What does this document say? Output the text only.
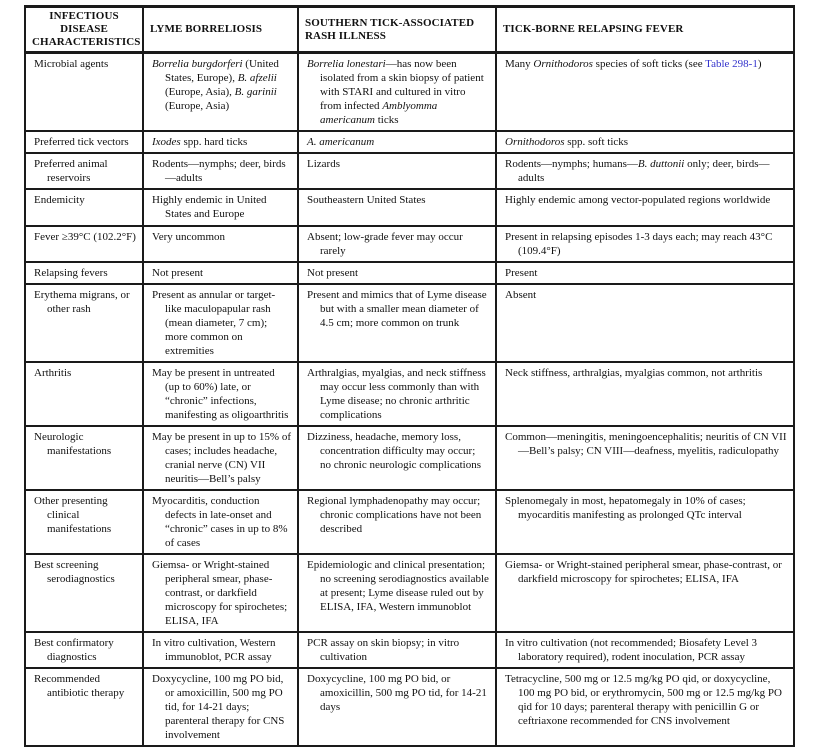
INFECTIOUS DISEASE CHARACTERISTICS	LYME BORRELIOSIS	SOUTHERN TICK-ASSOCIATED RASH ILLNESS	TICK-BORNE RELAPSING FEVER

Microbial agents	Borrelia burgdorferi (United States, Europe), B. afzelii (Europe, Asia), B. garinii (Europe, Asia)	Borrelia lonestari—has now been isolated from a skin biopsy of patient with STARI and cultured in vitro from infected Amblyomma americanum ticks	Many Ornithodoros species of soft ticks (see Table 298-1)

Preferred tick vectors	Ixodes spp. hard ticks	A. americanum	Ornithodoros spp. soft ticks

Preferred animal reservoirs	Rodents—nymphs; deer, birds—adults	Lizards	Rodents—nymphs; humans—B. duttonii only; deer, birds—adults

Endemicity	Highly endemic in United States and Europe	Southeastern United States	Highly endemic among vector-populated regions worldwide

Fever ≥39°C (102.2°F)	Very uncommon	Absent; low-grade fever may occur rarely	Present in relapsing episodes 1-3 days each; may reach 43°C (109.4°F)

Relapsing fevers	Not present	Not present	Present

Erythema migrans, or other rash	Present as annular or target-like maculopapular rash (mean diameter, 7 cm); more common on extremities	Present and mimics that of Lyme disease but with a smaller mean diameter of 4.5 cm; more common on trunk	Absent

Arthritis	May be present in untreated (up to 60%) late, or “chronic” infections, manifesting as oligoarthritis	Arthralgias, myalgias, and neck stiffness may occur less commonly than with Lyme disease; no chronic arthritic complications	Neck stiffness, arthralgias, myalgias common, not arthritis

Neurologic manifestations	May be present in up to 15% of cases; includes headache, cranial nerve (CN) VII neuritis—Bell’s palsy	Dizziness, headache, memory loss, concentration difficulty may occur; no chronic neurologic complications	Common—meningitis, meningoencephalitis; neuritis of CN VII—Bell’s palsy; CN VIII—deafness, myelitis, radiculopathy

Other presenting clinical manifestations	Myocarditis, conduction defects in late-onset and “chronic” cases in up to 8% of cases	Regional lymphadenopathy may occur; chronic complications have not been described	Splenomegaly in most, hepatomegaly in 10% of cases; myocarditis manifesting as prolonged QTc interval

Best screening serodiagnostics	Giemsa- or Wright-stained peripheral smear, phase-contrast, or darkfield microscopy for spirochetes; ELISA, IFA	Epidemiologic and clinical presentation; no screening serodiagnostics available at present; Lyme disease ruled out by ELISA, IFA, Western immunoblot	Giemsa- or Wright-stained peripheral smear, phase-contrast, or darkfield microscopy for spirochetes; ELISA, IFA

Best confirmatory diagnostics	In vitro cultivation, Western immunoblot, PCR assay	PCR assay on skin biopsy; in vitro cultivation	In vitro cultivation (not recommended; Biosafety Level 3 laboratory required), rodent inoculation, PCR assay

Recommended antibiotic therapy	Doxycycline, 100 mg PO bid, or amoxicillin, 500 mg PO tid, for 14-21 days; parenteral therapy for CNS involvement	Doxycycline, 100 mg PO bid, or amoxicillin, 500 mg PO tid, for 14-21 days	Tetracycline, 500 mg or 12.5 mg/kg PO qid, or doxycycline, 100 mg PO bid, or erythromycin, 500 mg or 12.5 mg/kg PO qid for 10 days; parenteral therapy with penicillin G or ceftriaxone recommended for CNS involvement
